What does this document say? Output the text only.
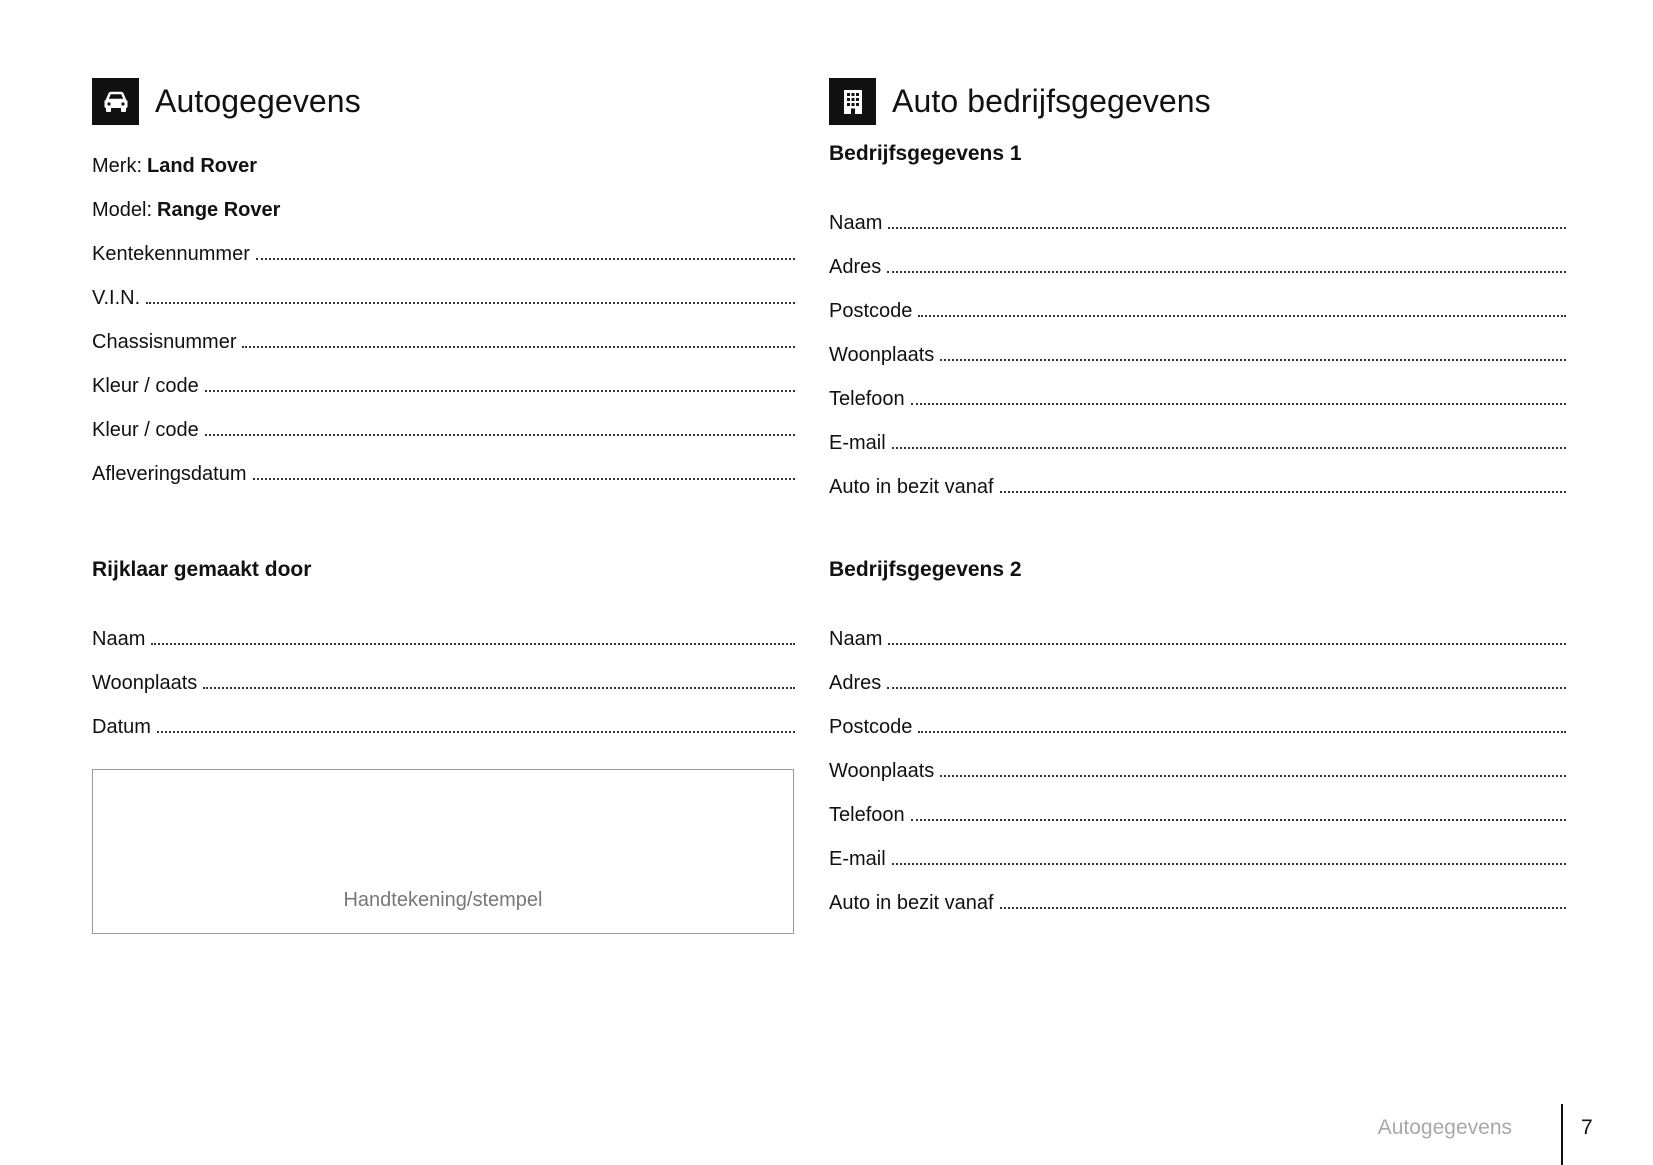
Autogegevens
Merk: Land Rover
Model: Range Rover
Kentekennummer
V.I.N.
Chassisnummer
Kleur / code
Kleur / code
Afleveringsdatum
Rijklaar gemaakt door
Naam
Woonplaats
Datum
Handtekening/stempel
Auto bedrijfsgegevens
Bedrijfsgegevens 1
Naam
Adres
Postcode
Woonplaats
Telefoon
E-mail
Auto in bezit vanaf
Bedrijfsgegevens 2
Naam
Adres
Postcode
Woonplaats
Telefoon
E-mail
Auto in bezit vanaf
Autogegevens	7
